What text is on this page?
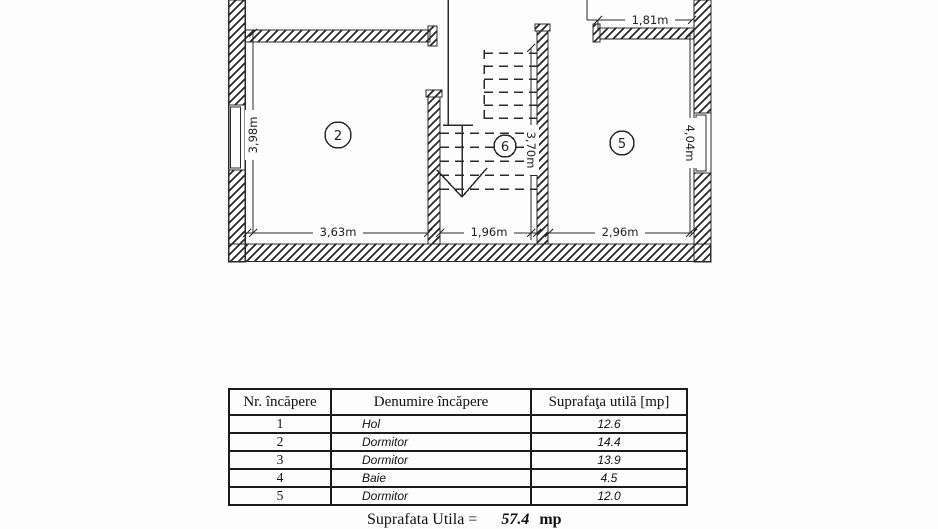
3,98m	3,70m	4,04m
3,63m	1,96m	2,96m
1,81m
2
6	5
Nr. încăpere	Denumire încăpere	Suprafaţa utilă [mp]
1	Hol	12.6
2	Dormitor	14.4
3	Dormitor	13.9
4	Baie	4.5
5	Dormitor	12.0
Suprafata Utila = 57.4 mp
